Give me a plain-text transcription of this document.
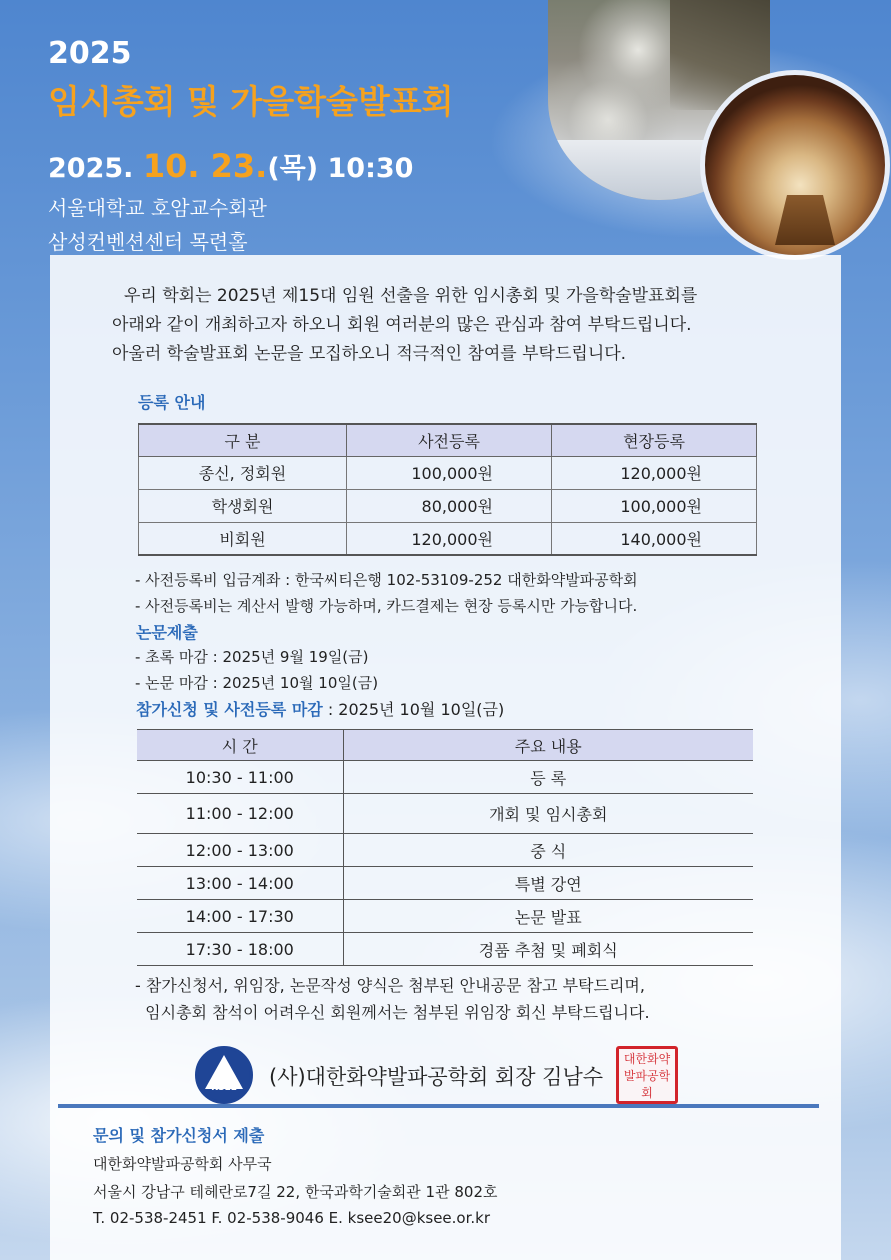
2025
임시총회 및 가을학술발표회
2025. 10. 23.(목) 10:30
서울대학교 호암교수회관
삼성컨벤션센터 목련홀

우리 학회는 2025년 제15대 임원 선출을 위한 임시총회 및 가을학술발표회를

아래와 같이 개최하고자 하오니 회원 여러분의 많은 관심과 참여 부탁드립니다.

아울러 학술발표회 논문을 모집하오니 적극적인 참여를 부탁드립니다.

등록 안내
구 분	사전등록	현장등록
종신, 정회원	100,000원	120,000원
학생회원	80,000원	100,000원
비회원	120,000원	140,000원
- 사전등록비 입금계좌 : 한국씨티은행 102-53109-252 대한화약발파공학회
- 사전등록비는 계산서 발행 가능하며, 카드결제는 현장 등록시만 가능합니다.
논문제출
- 초록 마감 : 2025년 9월 19일(금)
- 논문 마감 : 2025년 10월 10일(금)
참가신청 및 사전등록 마감 : 2025년 10월 10일(금)
시 간	주요 내용
10:30 - 11:00	등 록
11:00 - 12:00	개회 및 임시총회
12:00 - 13:00	중 식
13:00 - 14:00	특별 강연
14:00 - 17:30	논문 발표
17:30 - 18:00	경품 추첨 및 폐회식

- 참가신청서, 위임장, 논문작성 양식은 첨부된 안내공문 참고 부탁드리며,

임시총회 참석이 어려우신 회원께서는 첨부된 위임장 회신 부탁드립니다.

KSEE	(사)대한화약발파공학회 회장 김남수
대한화약발파공학회
문의 및 참가신청서 제출
대한화약발파공학회 사무국
서울시 강남구 테헤란로7길 22, 한국과학기술회관 1관 802호
T. 02-538-2451 F. 02-538-9046 E. ksee20@ksee.or.kr
